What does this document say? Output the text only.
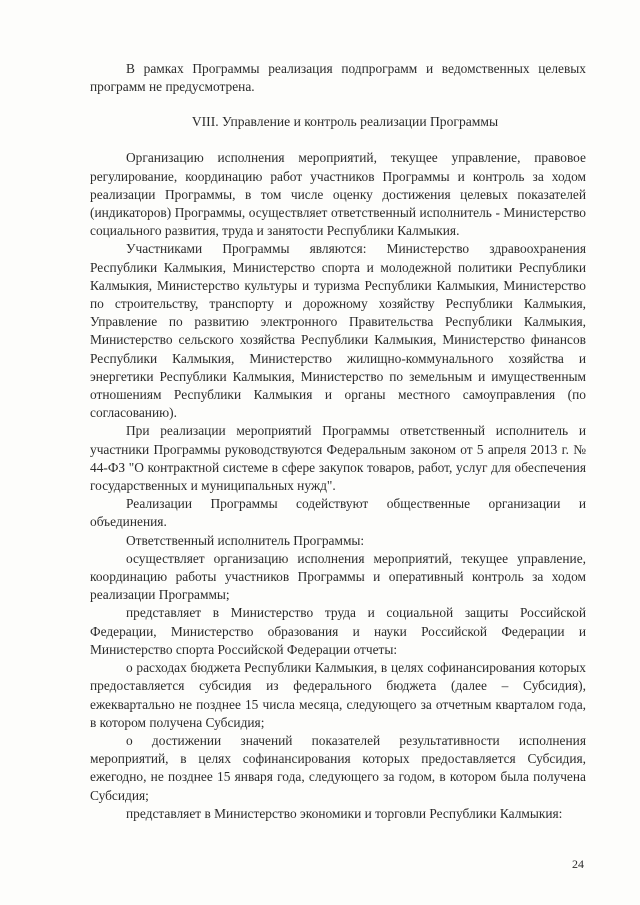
В рамках Программы реализация подпрограмм и ведомственных целевых программ не предусмотрена.

VIII. Управление и контроль реализации Программы

Организацию исполнения мероприятий, текущее управление, правовое регулирование, координацию работ участников Программы и контроль за ходом реализации Программы, в том числе оценку достижения целевых показателей (индикаторов) Программы, осуществляет ответственный исполнитель - Министерство социального развития, труда и занятости Республики Калмыкия.

Участниками Программы являются: Министерство здравоохранения Республики Калмыкия, Министерство спорта и молодежной политики Республики Калмыкия, Министерство культуры и туризма Республики Калмыкия, Министерство по строительству, транспорту и дорожному хозяйству Республики Калмыкия, Управление по развитию электронного Правительства Республики Калмыкия, Министерство сельского хозяйства Республики Калмыкия, Министерство финансов Республики Калмыкия, Министерство жилищно-коммунального хозяйства и энергетики Республики Калмыкия, Министерство по земельным и имущественным отношениям Республики Калмыкия и органы местного самоуправления (по согласованию).

При реализации мероприятий Программы ответственный исполнитель и участники Программы руководствуются Федеральным законом от 5 апреля 2013 г. № 44-ФЗ "О контрактной системе в сфере закупок товаров, работ, услуг для обеспечения государственных и муниципальных нужд".

Реализации Программы содействуют общественные организации и объединения.

Ответственный исполнитель Программы:

осуществляет организацию исполнения мероприятий, текущее управление, координацию работы участников Программы и оперативный контроль за ходом реализации Программы;

представляет в Министерство труда и социальной защиты Российской Федерации, Министерство образования и науки Российской Федерации и Министерство спорта Российской Федерации отчеты:

о расходах бюджета Республики Калмыкия, в целях софинансирования которых предоставляется субсидия из федерального бюджета (далее – Субсидия), ежеквартально не позднее 15 числа месяца, следующего за отчетным кварталом года, в котором получена Субсидия;

о достижении значений показателей результативности исполнения мероприятий, в целях софинансирования которых предоставляется Субсидия, ежегодно, не позднее 15 января года, следующего за годом, в котором была получена Субсидия;

представляет в Министерство экономики и торговли Республики Калмыкия:

24
